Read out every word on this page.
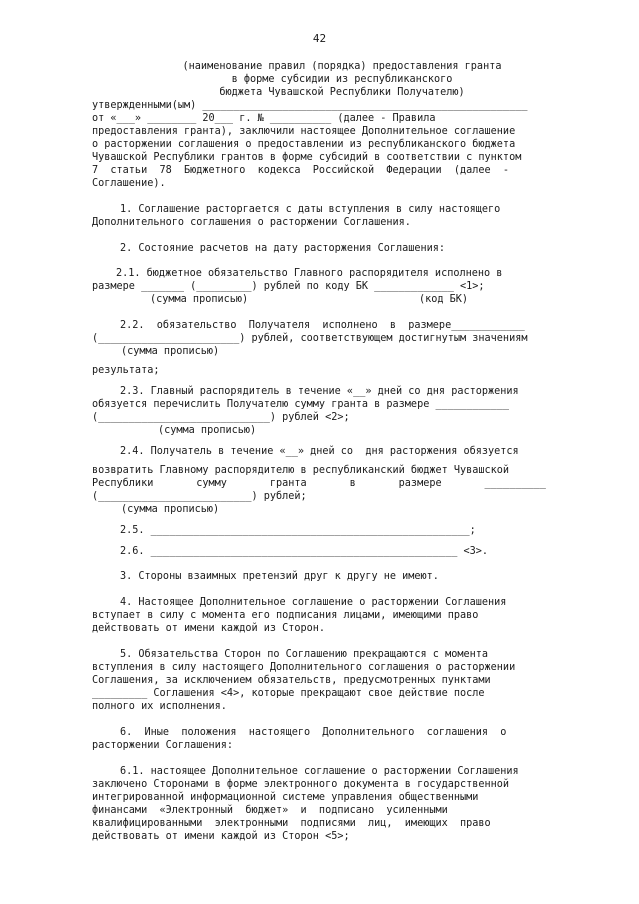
42
(наименование правил (порядка) предоставления гранта
в форме субсидии из республиканского
бюджета Чувашской Республики Получателю)
утвержденными(ым) _____________________________________________________
от «___» ________ 20___ г. № __________ (далее - Правила
предоставления гранта), заключили настоящее Дополнительное соглашение
о расторжении соглашения о предоставлении из республиканского бюджета
Чувашской Республики грантов в форме субсидий в соответствии с пунктом
7  статьи  78  Бюджетного  кодекса  Российской  Федерации  (далее  -
Соглашение).
1. Соглашение расторгается с даты вступления в силу настоящего
Дополнительного соглашения о расторжении Соглашения.
2. Состояние расчетов на дату расторжения Соглашения:
2.1. бюджетное обязательство Главного распорядителя исполнено в
размере _______ (_________) рублей по коду БК _____________ <1>;
(сумма прописью)	(код БК)
2.2.  обязательство  Получателя  исполнено  в  размере____________
(_______________________) рублей, соответствующем достигнутым значениям
(сумма прописью)
результата;
2.3. Главный распорядитель в течение «__» дней со дня расторжения
обязуется перечислить Получателю сумму гранта в размере ____________
(____________________________) рублей <2>;
(сумма прописью)
2.4. Получатель в течение «__» дней со  дня расторжения обязуется
возвратить Главному распорядителю в республиканский бюджет Чувашской
Республики       сумму       гранта       в       размере       __________
(_________________________) рублей;
(сумма прописью)
2.5. ____________________________________________________;
2.6. __________________________________________________ <3>.
3. Стороны взаимных претензий друг к другу не имеют.
4. Настоящее Дополнительное соглашение о расторжении Соглашения
вступает в силу с момента его подписания лицами, имеющими право
действовать от имени каждой из Сторон.
5. Обязательства Сторон по Соглашению прекращаются с момента
вступления в силу настоящего Дополнительного соглашения о расторжении
Соглашения, за исключением обязательств, предусмотренных пунктами
_________ Соглашения <4>, которые прекращают свое действие после
полного их исполнения.
6.  Иные  положения  настоящего  Дополнительного  соглашения  о
расторжении Соглашения:
6.1. настоящее Дополнительное соглашение о расторжении Соглашения
заключено Сторонами в форме электронного документа в государственной
интегрированной информационной системе управления общественными
финансами  «Электронный  бюджет»  и  подписано  усиленными
квалифицированными  электронными  подписями  лиц,  имеющих  право
действовать от имени каждой из Сторон <5>;
